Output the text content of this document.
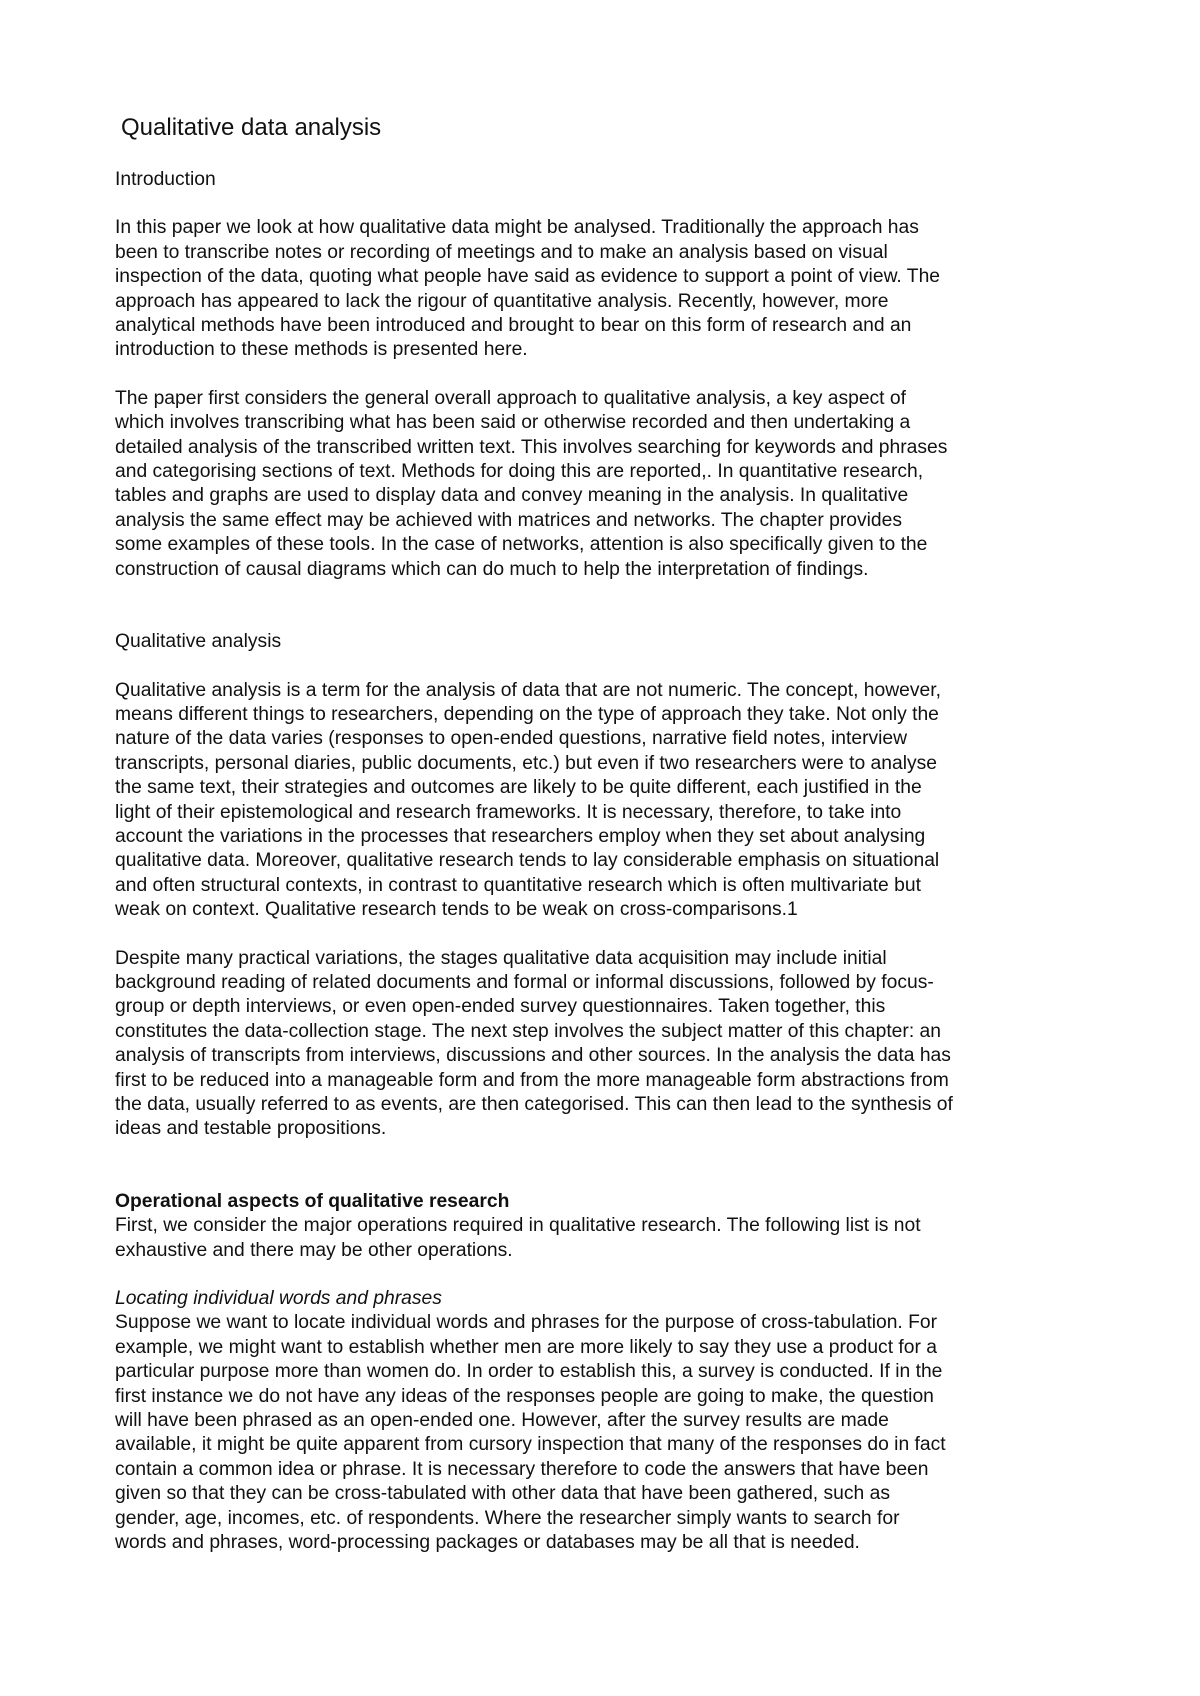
Qualitative data analysis
Introduction

In this paper we look at how qualitative data might be analysed. Traditionally the approach has
been to transcribe notes or recording of meetings and to make an analysis based on visual
inspection of the data, quoting what people have said as evidence to support a point of view. The
approach has appeared to lack the rigour of quantitative analysis. Recently, however, more
analytical methods have been introduced and brought to bear on this form of research and an
introduction to these methods is presented here.

The paper first considers the general overall approach to qualitative analysis, a key aspect of
which involves transcribing what has been said or otherwise recorded and then undertaking a
detailed analysis of the transcribed written text. This involves searching for keywords and phrases
and categorising sections of text. Methods for doing this are reported,. In quantitative research,
tables and graphs are used to display data and convey meaning in the analysis. In qualitative
analysis the same effect may be achieved with matrices and networks. The chapter provides
some examples of these tools. In the case of networks, attention is also specifically given to the
construction of causal diagrams which can do much to help the interpretation of findings.

Qualitative analysis

Qualitative analysis is a term for the analysis of data that are not numeric. The concept, however,
means different things to researchers, depending on the type of approach they take. Not only the
nature of the data varies (responses to open-ended questions, narrative field notes, interview
transcripts, personal diaries, public documents, etc.) but even if two researchers were to analyse
the same text, their strategies and outcomes are likely to be quite different, each justified in the
light of their epistemological and research frameworks. It is necessary, therefore, to take into
account the variations in the processes that researchers employ when they set about analysing
qualitative data. Moreover, qualitative research tends to lay considerable emphasis on situational
and often structural contexts, in contrast to quantitative research which is often multivariate but
weak on context. Qualitative research tends to be weak on cross-comparisons.1

Despite many practical variations, the stages qualitative data acquisition may include initial
background reading of related documents and formal or informal discussions, followed by focus-
group or depth interviews, or even open-ended survey questionnaires. Taken together, this
constitutes the data-collection stage. The next step involves the subject matter of this chapter: an
analysis of transcripts from interviews, discussions and other sources. In the analysis the data has
first to be reduced into a manageable form and from the more manageable form abstractions from
the data, usually referred to as events, are then categorised. This can then lead to the synthesis of
ideas and testable propositions.

Operational aspects of qualitative research

First, we consider the major operations required in qualitative research. The following list is not
exhaustive and there may be other operations.

Locating individual words and phrases

Suppose we want to locate individual words and phrases for the purpose of cross-tabulation. For
example, we might want to establish whether men are more likely to say they use a product for a
particular purpose more than women do. In order to establish this, a survey is conducted. If in the
first instance we do not have any ideas of the responses people are going to make, the question
will have been phrased as an open-ended one. However, after the survey results are made
available, it might be quite apparent from cursory inspection that many of the responses do in fact
contain a common idea or phrase. It is necessary therefore to code the answers that have been
given so that they can be cross-tabulated with other data that have been gathered, such as
gender, age, incomes, etc. of respondents. Where the researcher simply wants to search for
words and phrases, word-processing packages or databases may be all that is needed.
